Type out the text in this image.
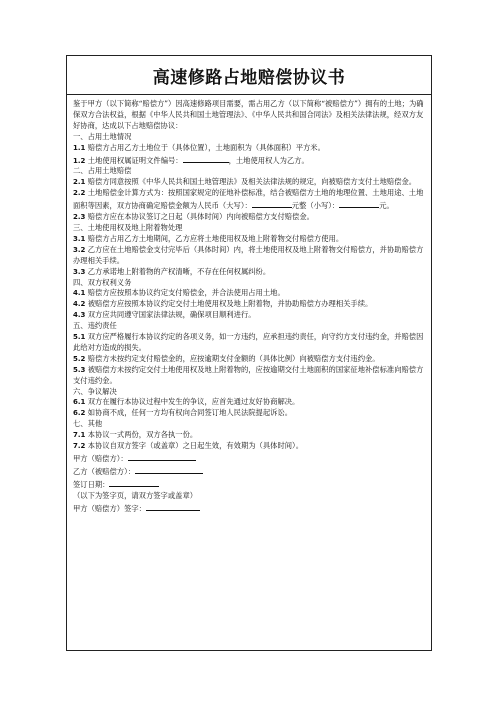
高速修路占地赔偿协议书

鉴于甲方（以下简称“赔偿方”）因高速修路项目需要，需占用乙方（以下简称“被赔偿方”）拥有的土地；为确保双方合法权益，根据《中华人民共和国土地管理法》、《中华人民共和国合同法》及相关法律法规，经双方友好协商，达成以下占地赔偿协议：

一、占用土地情况

1.1 赔偿方占用乙方土地位于（具体位置），土地面积为（具体面积）平方米。

1.2 土地使用权属证明文件编号：	，土地使用权人为乙方。

二、占用土地赔偿

2.1 赔偿方同意按照《中华人民共和国土地管理法》及相关法律法规的规定，向被赔偿方支付土地赔偿金。

2.2 土地赔偿金计算方式为：按照国家规定的征地补偿标准，结合被赔偿方土地的地理位置、土地用途、土地面积等因素，双方协商确定赔偿金额为人民币（大写）：	元整（小写）：	元。

2.3 赔偿方应在本协议签订之日起（具体时间）内向被赔偿方支付赔偿金。

三、土地使用权及地上附着物处理

3.1 赔偿方占用乙方土地期间，乙方应将土地使用权及地上附着物交付赔偿方使用。

3.2 乙方应在土地赔偿金支付完毕后（具体时间）内，将土地使用权及地上附着物交付赔偿方，并协助赔偿方办理相关手续。

3.3 乙方承诺地上附着物的产权清晰，不存在任何权属纠纷。

四、双方权利义务

4.1 赔偿方应按照本协议约定支付赔偿金，并合法使用占用土地。

4.2 被赔偿方应按照本协议约定交付土地使用权及地上附着物，并协助赔偿方办理相关手续。

4.3 双方应共同遵守国家法律法规，确保项目顺利进行。

五、违约责任

5.1 双方应严格履行本协议约定的各项义务，如一方违约，应承担违约责任，向守约方支付违约金，并赔偿因此给对方造成的损失。

5.2 赔偿方未按约定支付赔偿金的，应按逾期支付金额的（具体比例）向被赔偿方支付违约金。

5.3 被赔偿方未按约定交付土地使用权及地上附着物的，应按逾期交付土地面积的国家征地补偿标准向赔偿方支付违约金。

六、争议解决

6.1 双方在履行本协议过程中发生的争议，应首先通过友好协商解决。

6.2 如协商不成，任何一方均有权向合同签订地人民法院提起诉讼。

七、其他

7.1 本协议一式两份，双方各执一份。

7.2 本协议自双方签字（或盖章）之日起生效，有效期为（具体时间）。

甲方（赔偿方）：

乙方（被赔偿方）：

签订日期：

（以下为签字页，请双方签字或盖章）

甲方（赔偿方）签字：
